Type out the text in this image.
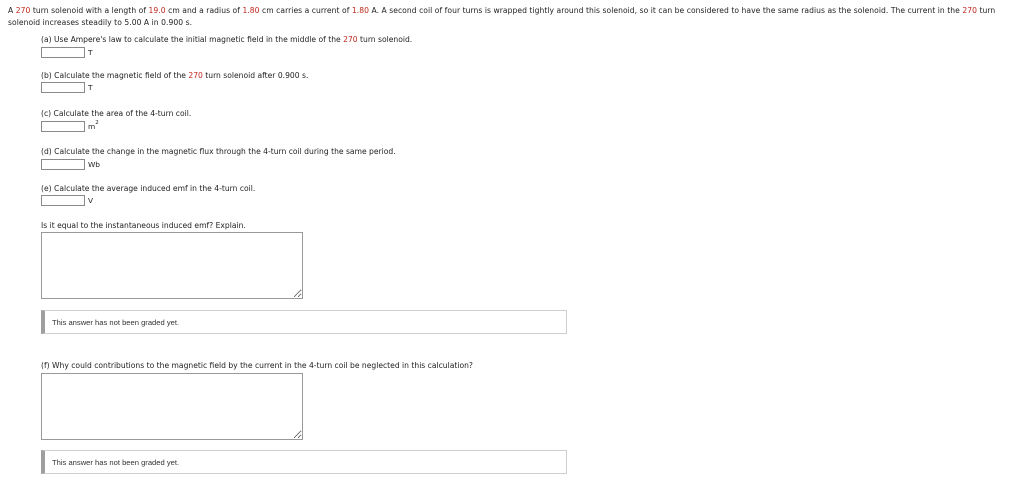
A 270 turn solenoid with a length of 19.0 cm and a radius of 1.80 cm carries a current of 1.80 A. A second coil of four turns is wrapped tightly around this solenoid, so it can be considered to have the same radius as the solenoid. The current in the 270 turn solenoid increases steadily to 5.00 A in 0.900 s.
(a) Use Ampere's law to calculate the initial magnetic field in the middle of the 270 turn solenoid.
T
(b) Calculate the magnetic field of the 270 turn solenoid after 0.900 s.
T
(c) Calculate the area of the 4-turn coil.
$m^2$
(d) Calculate the change in the magnetic flux through the 4-turn coil during the same period.
Wb
(e) Calculate the average induced emf in the 4-turn coil.
V
Is it equal to the instantaneous induced emf? Explain.
This answer has not been graded yet.
(f) Why could contributions to the magnetic field by the current in the 4-turn coil be neglected in this calculation?
This answer has not been graded yet.
